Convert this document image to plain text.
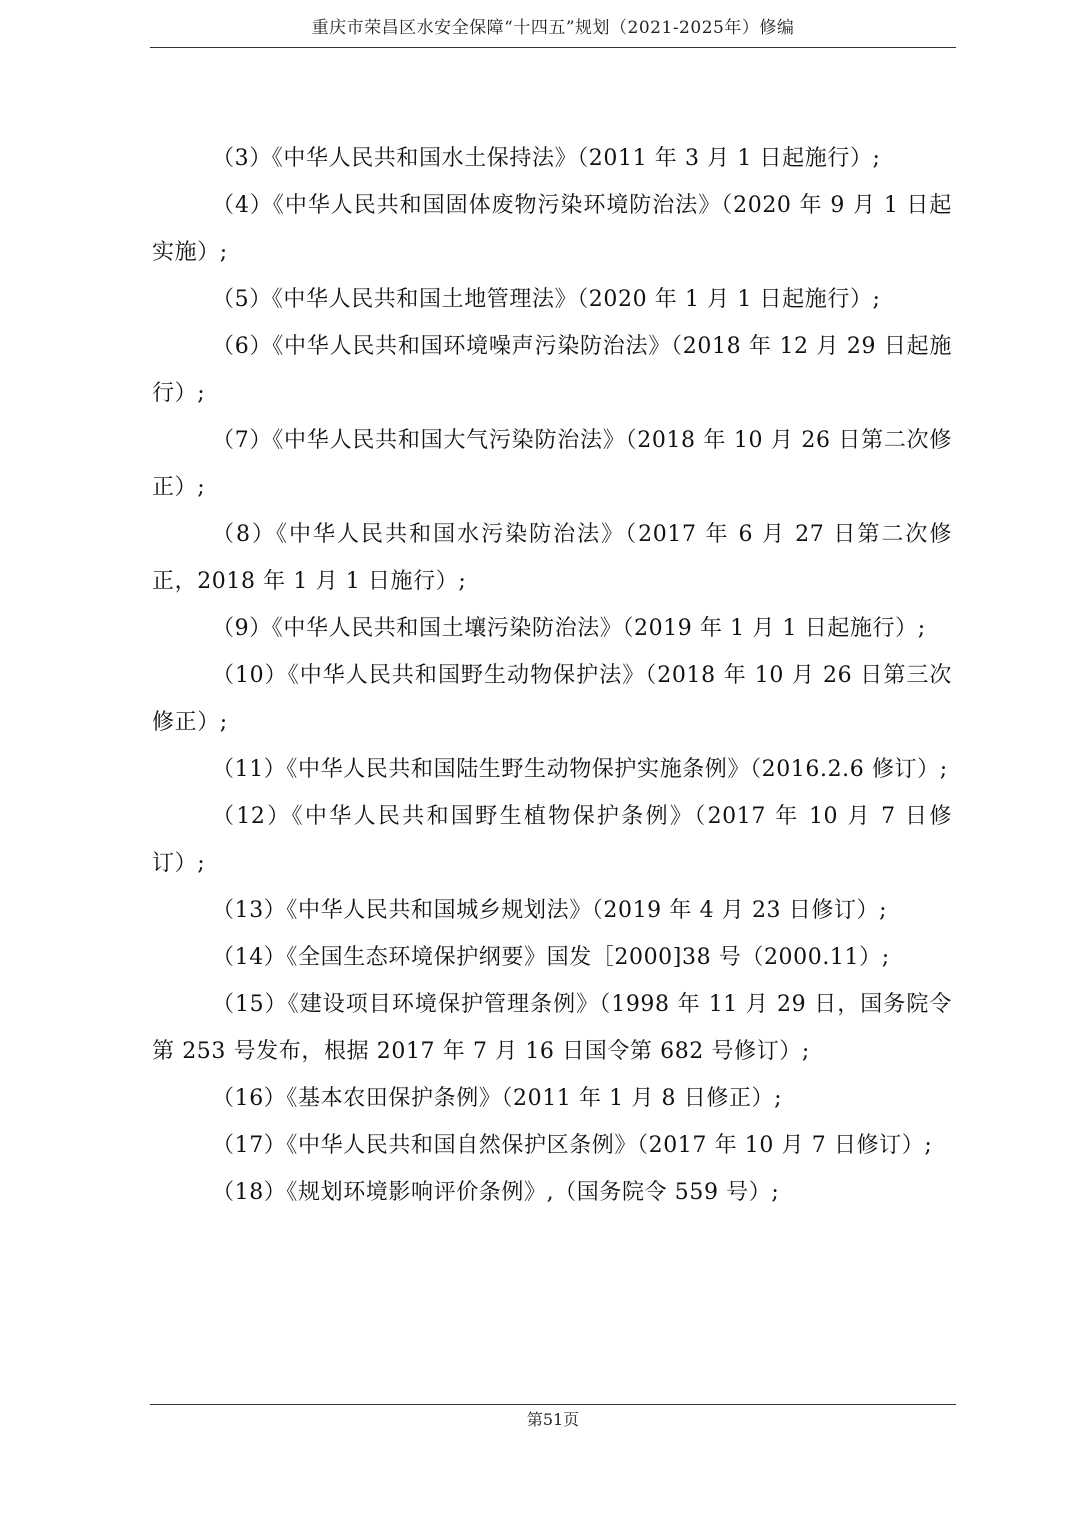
重庆市荣昌区水安全保障“十四五”规划（2021-2025年）修编

（3）《中华人民共和国水土保持法》（2011 年 3 月 1 日起施行）;

（4）《中华人民共和国固体废物污染环境防治法》（2020 年 9 月 1 日起实施）;

（5）《中华人民共和国土地管理法》（2020 年 1 月 1 日起施行）;

（6）《中华人民共和国环境噪声污染防治法》（2018 年 12 月 29 日起施行）;

（7）《中华人民共和国大气污染防治法》（2018 年 10 月 26 日第二次修正）;

（8）《中华人民共和国水污染防治法》（2017 年 6 月 27 日第二次修正，2018 年 1 月 1 日施行）;

（9）《中华人民共和国土壤污染防治法》（2019 年 1 月 1 日起施行）;

（10）《中华人民共和国野生动物保护法》（2018 年 10 月 26 日第三次修正）;

（11）《中华人民共和国陆生野生动物保护实施条例》（2016.2.6 修订）;

（12）《中华人民共和国野生植物保护条例》（2017 年 10 月 7 日修订）;

（13）《中华人民共和国城乡规划法》（2019 年 4 月 23 日修订）;

（14）《全国生态环境保护纲要》国发［2000]38 号（2000.11）;

（15）《建设项目环境保护管理条例》（1998 年 11 月 29 日，国务院令第 253 号发布，根据 2017 年 7 月 16 日国令第 682 号修订）;

（16）《基本农田保护条例》（2011 年 1 月 8 日修正）;

（17）《中华人民共和国自然保护区条例》（2017 年 10 月 7 日修订）;

（18）《规划环境影响评价条例》,（国务院令 559 号）;

第51页
